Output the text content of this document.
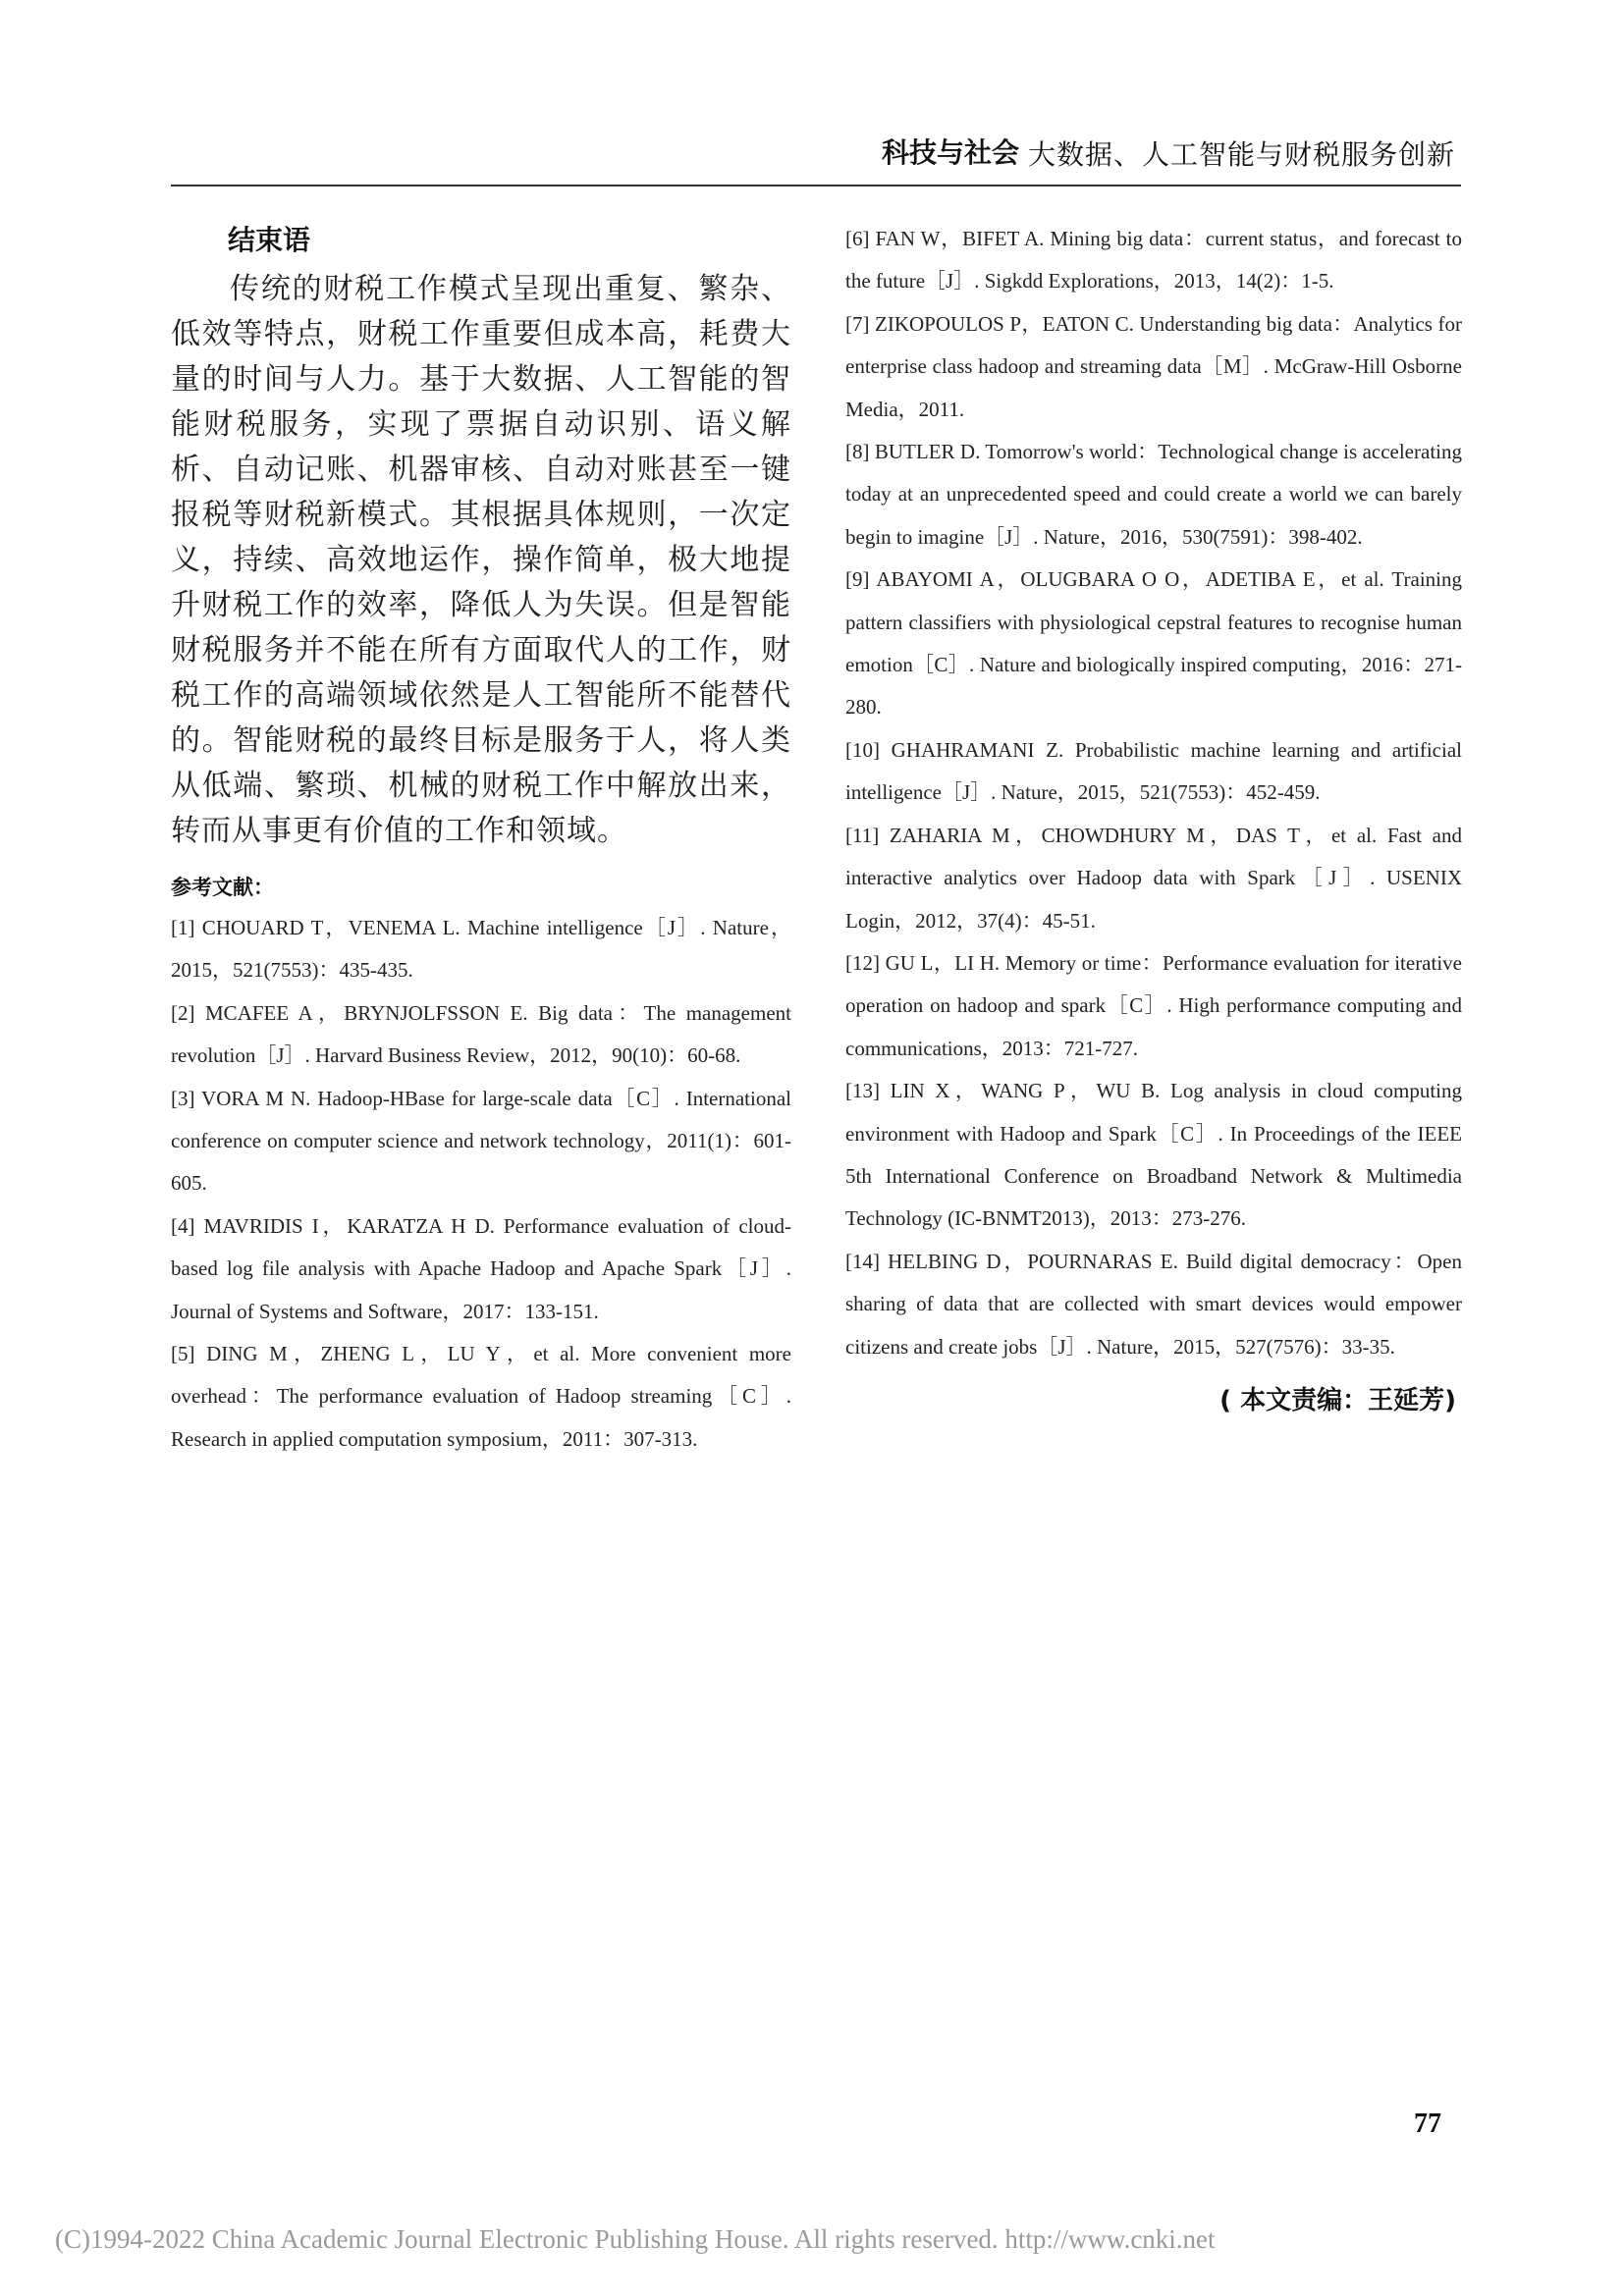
科技与社会 大数据、人工智能与财税服务创新
结束语
传统的财税工作模式呈现出重复、繁杂、低效等特点，财税工作重要但成本高，耗费大量的时间与人力。基于大数据、人工智能的智能财税服务，实现了票据自动识别、语义解析、自动记账、机器审核、自动对账甚至一键报税等财税新模式。其根据具体规则，一次定义，持续、高效地运作，操作简单，极大地提升财税工作的效率，降低人为失误。但是智能财税服务并不能在所有方面取代人的工作，财税工作的高端领域依然是人工智能所不能替代的。智能财税的最终目标是服务于人，将人类从低端、繁琐、机械的财税工作中解放出来，转而从事更有价值的工作和领域。
参考文献：
[1] CHOUARD T，VENEMA L. Machine intelligence［J］. Nature，2015，521(7553)：435-435.
[2] MCAFEE A，BRYNJOLFSSON E. Big data：The management revolution［J］. Harvard Business Review，2012，90(10)：60-68.
[3] VORA M N. Hadoop-HBase for large-scale data［C］. International conference on computer science and network technology，2011(1)：601-605.
[4] MAVRIDIS I，KARATZA H D. Performance evaluation of cloud-based log file analysis with Apache Hadoop and Apache Spark［J］. Journal of Systems and Software，2017：133-151.
[5] DING M，ZHENG L，LU Y，et al. More convenient more overhead：The performance evaluation of Hadoop streaming［C］. Research in applied computation symposium，2011：307-313.
[6] FAN W，BIFET A. Mining big data：current status，and forecast to the future［J］. Sigkdd Explorations，2013，14(2)：1-5.
[7] ZIKOPOULOS P，EATON C. Understanding big data：Analytics for enterprise class hadoop and streaming data［M］. McGraw-Hill Osborne Media，2011.
[8] BUTLER D. Tomorrow's world：Technological change is accelerating today at an unprecedented speed and could create a world we can barely begin to imagine［J］. Nature，2016，530(7591)：398-402.
[9] ABAYOMI A，OLUGBARA O O，ADETIBA E，et al. Training pattern classifiers with physiological cepstral features to recognise human emotion［C］. Nature and biologically inspired computing，2016：271-280.
[10] GHAHRAMANI Z. Probabilistic machine learning and artificial intelligence［J］. Nature，2015，521(7553)：452-459.
[11] ZAHARIA M，CHOWDHURY M，DAS T，et al. Fast and interactive analytics over Hadoop data with Spark［J］. USENIX Login，2012，37(4)：45-51.
[12] GU L，LI H. Memory or time：Performance evaluation for iterative operation on hadoop and spark［C］. High performance computing and communications，2013：721-727.
[13] LIN X，WANG P，WU B. Log analysis in cloud computing environment with Hadoop and Spark［C］. In Proceedings of the IEEE 5th International Conference on Broadband Network & Multimedia Technology (IC-BNMT2013)，2013：273-276.
[14] HELBING D，POURNARAS E. Build digital democracy：Open sharing of data that are collected with smart devices would empower citizens and create jobs［J］. Nature，2015，527(7576)：33-35.
( 本文责编：王延芳)
77
(C)1994-2022 China Academic Journal Electronic Publishing House. All rights reserved. http://www.cnki.net
